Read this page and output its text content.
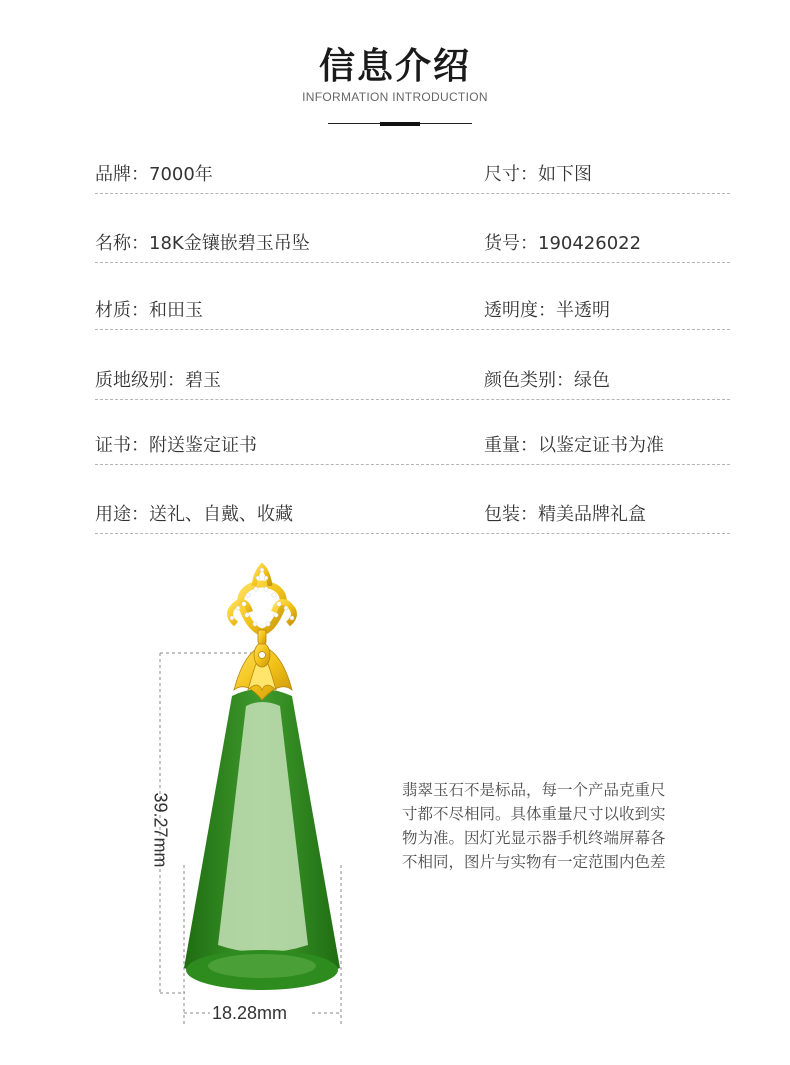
信息介绍
INFORMATION INTRODUCTION
品牌：7000年	尺寸：如下图
名称：18K金镶嵌碧玉吊坠	货号：190426022
材质：和田玉	透明度：半透明
质地级别：碧玉	颜色类别：绿色
证书：附送鉴定证书	重量：以鉴定证书为准
用途：送礼、自戴、收藏	包装：精美品牌礼盒
39.27mm
18.28mm
翡翠玉石不是标品，每一个产品克重尺
寸都不尽相同。具体重量尺寸以收到实
物为准。因灯光显示器手机终端屏幕各
不相同，图片与实物有一定范围内色差
